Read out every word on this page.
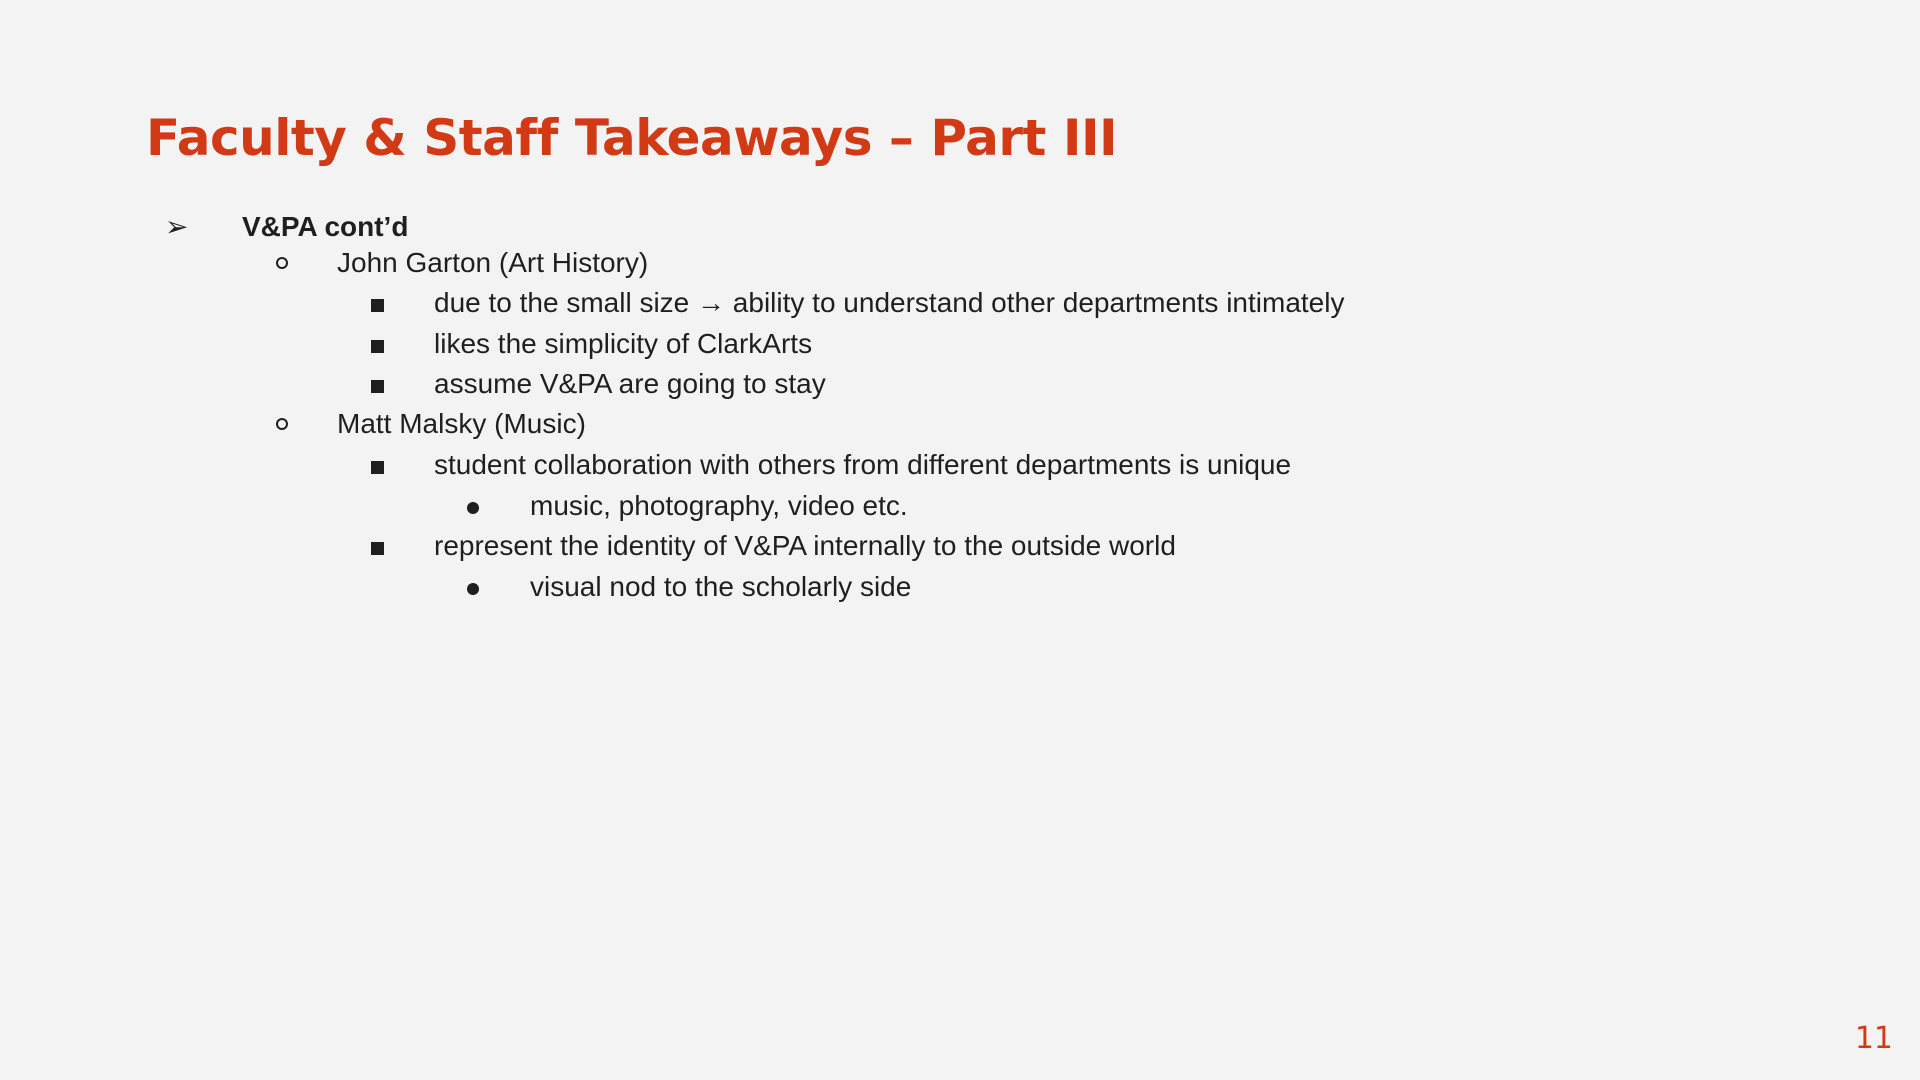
Faculty & Staff Takeaways – Part III
➢ V&PA cont’d
John Garton (Art History)
due to the small size → ability to understand other departments intimately
likes the simplicity of ClarkArts
assume V&PA are going to stay
Matt Malsky (Music)
student collaboration with others from different departments is unique
music, photography, video etc.
represent the identity of V&PA internally to the outside world
visual nod to the scholarly side
11
